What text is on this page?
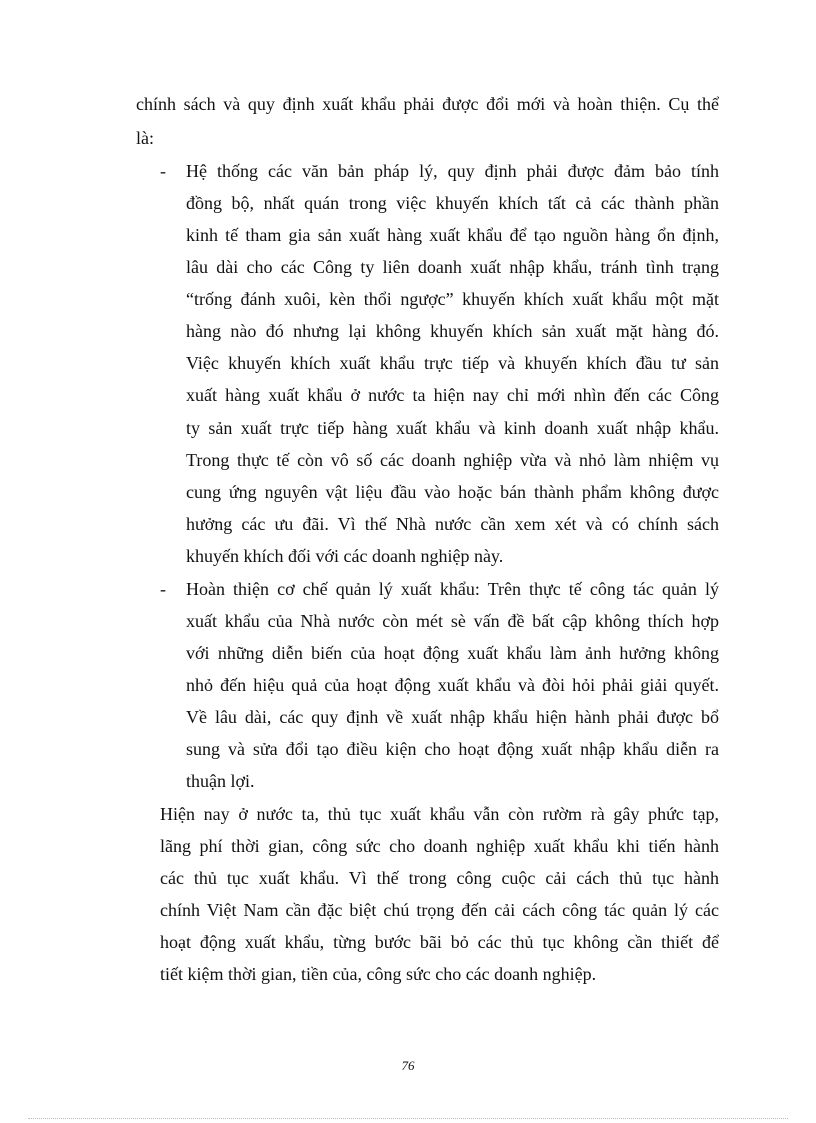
chính sách và quy định xuất khẩu phải được đổi mới và hoàn thiện. Cụ thể
là:
- Hệ thống các văn bản pháp lý, quy định phải được đảm bảo tính
đồng bộ, nhất quán trong việc khuyến khích tất cả các thành phần
kinh tế tham gia sản xuất hàng xuất khẩu để tạo nguồn hàng ổn định,
lâu dài cho các Công ty liên doanh xuất nhập khẩu, tránh tình trạng
“trống đánh xuôi, kèn thổi ngược” khuyến khích xuất khẩu một mặt
hàng nào đó nhưng lại không khuyến khích sản xuất mặt hàng đó.
Việc khuyến khích xuất khẩu trực tiếp và khuyến khích đầu tư sản
xuất hàng xuất khẩu ở nước ta hiện nay chỉ mới nhìn đến các Công
ty sản xuất trực tiếp hàng xuất khẩu và kinh doanh xuất nhập khẩu.
Trong thực tế còn vô số các doanh nghiệp vừa và nhỏ làm nhiệm vụ
cung ứng nguyên vật liệu đầu vào hoặc bán thành phẩm không được
hưởng các ưu đãi. Vì thế Nhà nước cần xem xét và có chính sách
khuyến khích đối với các doanh nghiệp này.
- Hoàn thiện cơ chế quản lý xuất khẩu: Trên thực tế công tác quản lý
xuất khẩu của Nhà nước còn mét sè vấn đề bất cập không thích hợp
với những diễn biến của hoạt động xuất khẩu làm ảnh hưởng không
nhỏ đến hiệu quả của hoạt động xuất khẩu và đòi hỏi phải giải quyết.
Về lâu dài, các quy định về xuất nhập khẩu hiện hành phải được bổ
sung và sửa đổi tạo điều kiện cho hoạt động xuất nhập khẩu diễn ra
thuận lợi.
Hiện nay ở nước ta, thủ tục xuất khẩu vẫn còn rườm rà gây phức tạp,
lãng phí thời gian, công sức cho doanh nghiệp xuất khẩu khi tiến hành
các thủ tục xuất khẩu. Vì thế trong công cuộc cải cách thủ tục hành
chính Việt Nam cần đặc biệt chú trọng đến cải cách công tác quản lý các
hoạt động xuất khẩu, từng bước bãi bỏ các thủ tục không cần thiết để
tiết kiệm thời gian, tiền của, công sức cho các doanh nghiệp.
76
